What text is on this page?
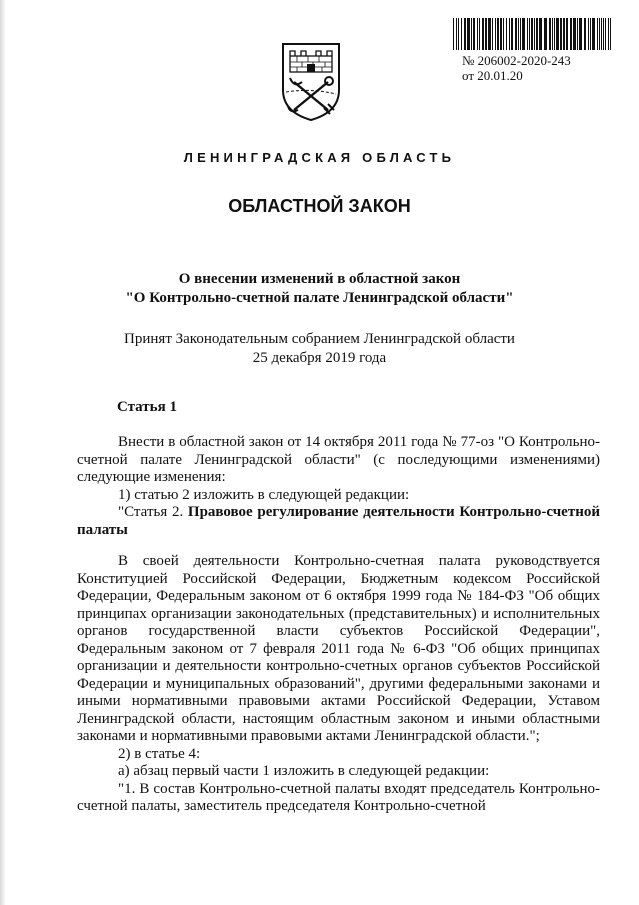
№ 206002-2020-243
от 20.01.20
ЛЕНИНГРАДСКАЯ ОБЛАСТЬ
ОБЛАСТНОЙ ЗАКОН
О внесении изменений в областной закон
"О Контрольно-счетной палате Ленинградской области"
Принят Законодательным собранием Ленинградской области
25 декабря 2019 года
Статья 1

Внести в областной закон от 14 октября 2011 года № 77-оз "О Контрольно-счетной палате Ленинградской области" (с последующими изменениями) следующие изменения:

1) статью 2 изложить в следующей редакции:

"Статья 2. Правовое регулирование деятельности Контрольно-счетной палаты

В своей деятельности Контрольно-счетная палата руководствуется Конституцией Российской Федерации, Бюджетным кодексом Российской Федерации, Федеральным законом от 6 октября 1999 года № 184-ФЗ "Об общих принципах организации законодательных (представительных) и исполнительных органов государственной власти субъектов Российской Федерации", Федеральным законом от 7 февраля 2011 года № 6-ФЗ "Об общих принципах организации и деятельности контрольно-счетных органов субъектов Российской Федерации и муниципальных образований", другими федеральными законами и иными нормативными правовыми актами Российской Федерации, Уставом Ленинградской области, настоящим областным законом и иными областными законами и нормативными правовыми актами Ленинградской области.";

2) в статье 4:

а) абзац первый части 1 изложить в следующей редакции:

"1. В состав Контрольно-счетной палаты входят председатель Контрольно-счетной палаты, заместитель председателя Контрольно-счетной
